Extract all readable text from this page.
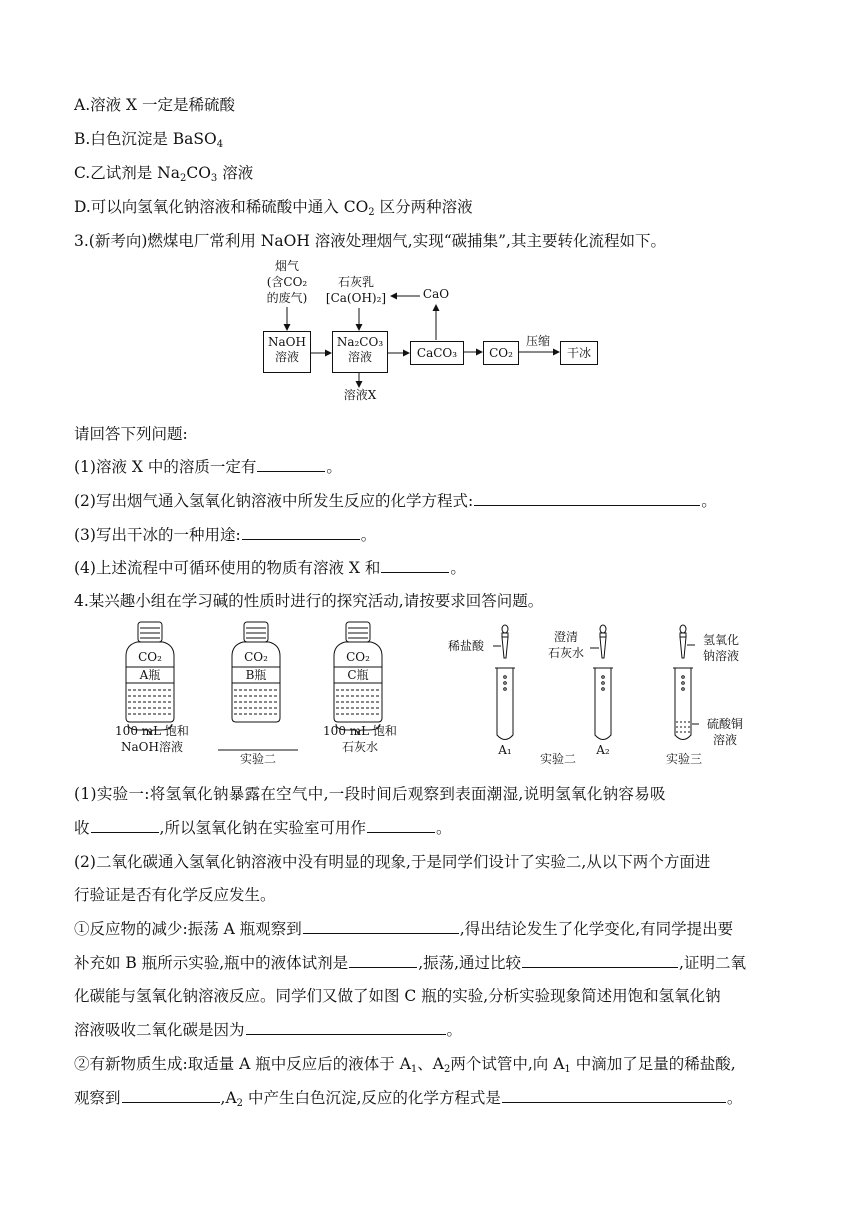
A.溶液 X 一定是稀硫酸
B.白色沉淀是 BaSO$_4$
C.乙试剂是 $Na_2CO_3$ 溶液
D.可以向氢氧化钠溶液和稀硫酸中通入 $CO_2$ 区分两种溶液
3.(新考向)燃煤电厂常利用 NaOH 溶液处理烟气,实现“碳捕集”,其主要转化流程如下。
烟气
(含CO₂
的废气)
石灰乳
[Ca(OH)₂]	CaO
NaOH
溶液
Na₂CO₃
溶液	CaCO₃	CO₂
压缩
干冰
溶液X
请回答下列问题:
(1)溶液 X 中的溶质一定有	。
(2)写出烟气通入氢氧化钠溶液中所发生反应的化学方程式:	。
(3)写出干冰的一种用途:	。
(4)上述流程中可循环使用的物质有溶液 X 和	。
4.某兴趣小组在学习碱的性质时进行的探究活动,请按要求回答问题。
CO₂
A瓶
CO₂
B瓶
CO₂
C瓶
100 mL 饱和
NaOH溶液
100 mL 饱和
石灰水
实验二
稀盐酸
澄清
石灰水
氢氧化
钠溶液
硫酸铜
溶液
A₁	A₂
实验二	实验三
(1)实验一:将氢氧化钠暴露在空气中,一段时间后观察到表面潮湿,说明氢氧化钠容易吸
收	,所以氢氧化钠在实验室可用作	。
(2)二氧化碳通入氢氧化钠溶液中没有明显的现象,于是同学们设计了实验二,从以下两个方面进
行验证是否有化学反应发生。
①反应物的减少:振荡 A 瓶观察到	,得出结论发生了化学变化,有同学提出要
补充如 B 瓶所示实验,瓶中的液体试剂是	,振荡,通过比较	,证明二氧
化碳能与氢氧化钠溶液反应。同学们又做了如图 C 瓶的实验,分析实验现象简述用饱和氢氧化钠
溶液吸收二氧化碳是因为	。
②有新物质生成:取适量 A 瓶中反应后的液体于 $A_1$、$A_2$两个试管中,向 $A_1$ 中滴加了足量的稀盐酸,
观察到	$,A_2$ 中产生白色沉淀,反应的化学方程式是	。
